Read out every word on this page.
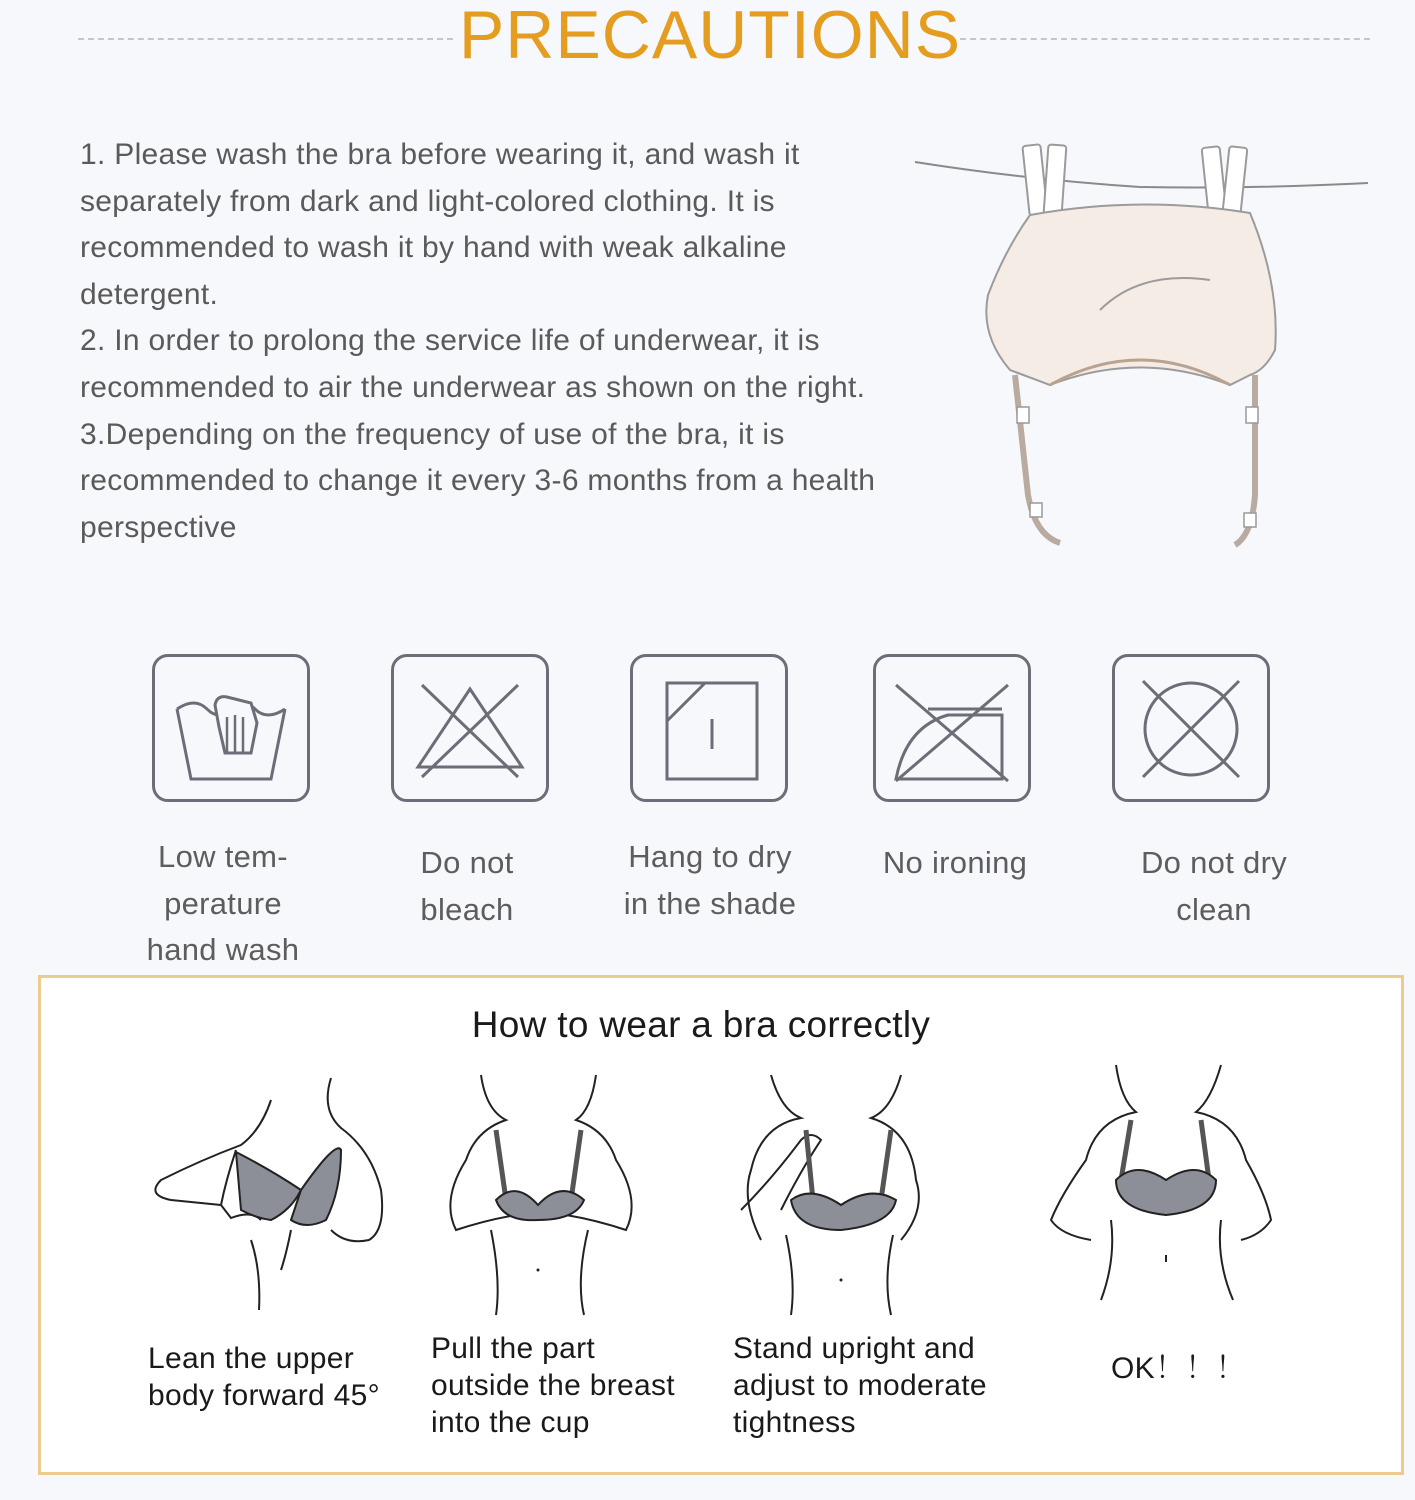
PRECAUTIONS

1. Please wash the bra before wearing it, and wash it separately from dark and light-colored clothing. It is recommended to wash it by hand with weak alkaline detergent.

2. In order to prolong the service life of underwear, it is recommended to air the underwear as shown on the right.

3.Depending on the frequency of use of the bra, it is recommended to change it every 3-6 months from a health perspective

Low tem-
perature
hand wash
Do not
bleach
Hang to dry
in the shade
No ironing	Do not dry
clean
How to wear a bra correctly
Lean the upper
body forward 45°
Pull the part
outside the breast
into the cup
Stand upright and
adjust to moderate
tightness
OK！！！
